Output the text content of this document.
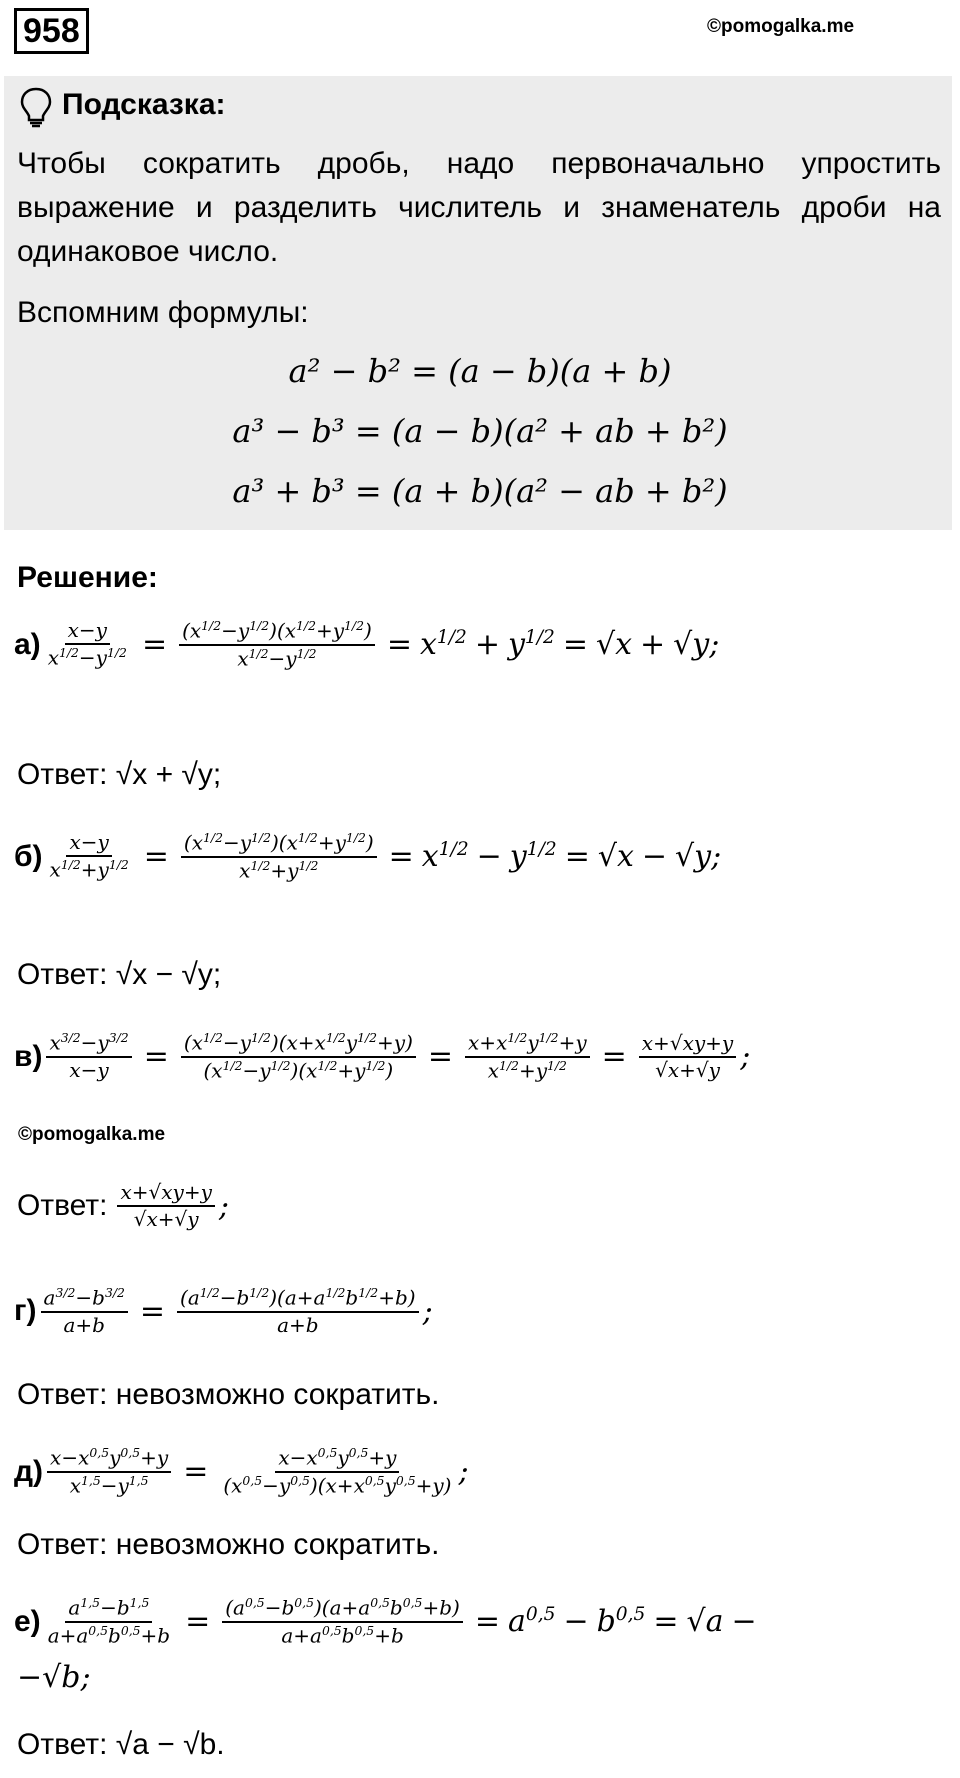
958	©pomogalka.me
Подсказка:
Чтобы сократить дробь, надо первоначально упростить выражение и разделить числитель и знаменатель дроби на одинаковое число.
Вспомним формулы:
a² − b² = (a − b)(a + b)
a³ − b³ = (a − b)(a² + ab + b²)
a³ + b³ = (a + b)(a² − ab + b²)
Решение:
$а) \frac{x-y}{x^{1/2}-y^{1/2}} = \frac{(x^{1/2}-y^{1/2})(x^{1/2}+y^{1/2})}{x^{1/2}-y^{1/2}} = x^{1/2} + y^{1/2} = √x + √y$;
Ответ: √x + √y;
$б) \frac{x-y}{x^{1/2}+y^{1/2}} = \frac{(x^{1/2}-y^{1/2})(x^{1/2}+y^{1/2})}{x^{1/2}+y^{1/2}} = x^{1/2} - y^{1/2} = √x - √y$;
Ответ: √x − √y;
$в) \frac{x^{3/2}-y^{3/2}}{x-y} = \frac{(x^{1/2}-y^{1/2})(x+x^{1/2}y^{1/2}+y)}{(x^{1/2}-y^{1/2})(x^{1/2}+y^{1/2})} = \frac{x+x^{1/2}y^{1/2}+y}{x^{1/2}+y^{1/2}} = \frac{x+√xy+y}{√x+√y}$ ;
©pomogalka.me
Ответ: $\frac{x+√xy+y}{√x+√y}$ ;
$г) \frac{a^{3/2}-b^{3/2}}{a+b} = \frac{(a^{1/2}-b^{1/2})(a+a^{1/2}b^{1/2}+b)}{a+b}$ ;
Ответ: невозможно сократить.
$д) \frac{x-x^{0,5}y^{0,5}+y}{x^{1,5}-y^{1,5}} = \frac{x-x^{0,5}y^{0,5}+y}{(x^{0,5}-y^{0,5})(x+x^{0,5}y^{0,5}+y)}$ ;
Ответ: невозможно сократить.
$е) \frac{a^{1,5}-b^{1,5}}{a+a^{0,5}b^{0,5}+b} = \frac{(a^{0,5}-b^{0,5})(a+a^{0,5}b^{0,5}+b)}{a+a^{0,5}b^{0,5}+b} = a^{0,5} - b^{0,5} = √a$ −
−√b;
Ответ: √a − √b.
